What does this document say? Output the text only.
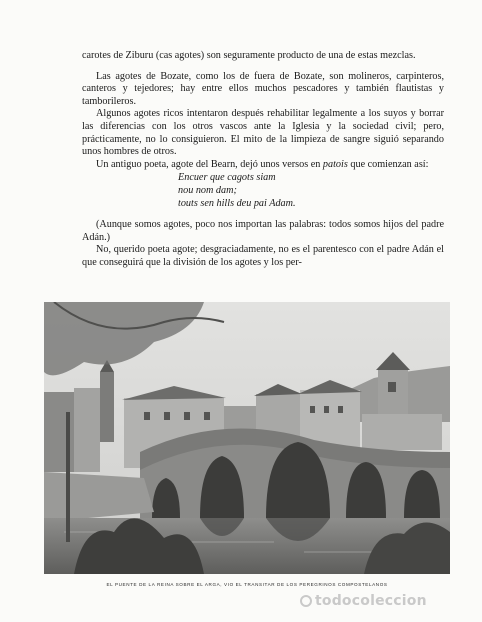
carotes de Ziburu (cas agotes) son seguramente producto de una de estas mezclas.

Las agotes de Bozate, como los de fuera de Bozate, son molineros, carpinteros, canteros y tejedores; hay entre ellos muchos pescadores y también flautistas y tamborileros.

Algunos agotes ricos intentaron después rehabilitar legalmente a los suyos y borrar las diferencias con los otros vascos ante la Iglesia y la sociedad civil; pero, prácticamente, no lo consiguieron. El mito de la limpieza de sangre siguió separando unos hombres de otros.

Un antiguo poeta, agote del Bearn, dejó unos versos en patois que comienzan así:

Encuer que cagots siam

nou nom dam;

touts sen hills deu pai Adam.

(Aunque somos agotes, poco nos importan las palabras: todos somos hijos del padre Adán.)

No, querido poeta agote; desgraciadamente, no es el parentesco con el padre Adán el que conseguirá que la división de los agotes y los per-

EL PUENTE DE LA REINA SOBRE EL ARGA, VIO EL TRANSITAR DE LOS PEREGRINOS COMPOSTELANOS
todocoleccion
